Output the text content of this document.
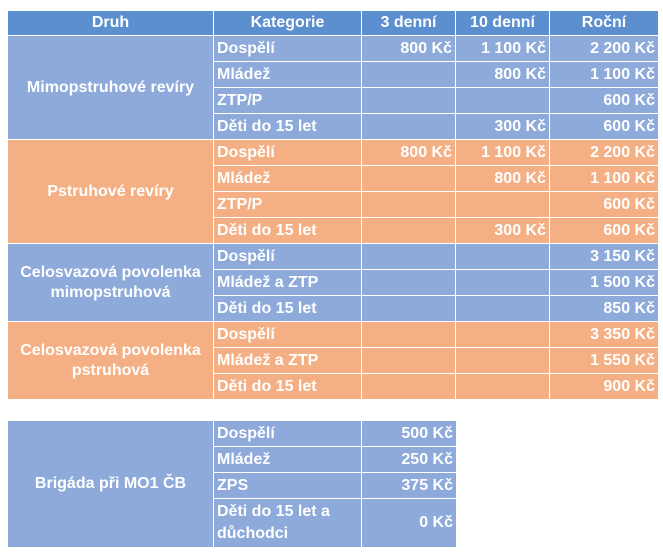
Druh	Kategorie	3 denní	10 denní	Roční
Mimopstruhové revíry	Dospělí	800 Kč	1 100 Kč	2 200 Kč
	Mládež		800 Kč	1 100 Kč
	ZTP/P			600 Kč
	Děti do 15 let		300 Kč	600 Kč
Pstruhové revíry	Dospělí	800 Kč	1 100 Kč	2 200 Kč
	Mládež		800 Kč	1 100 Kč
	ZTP/P			600 Kč
	Děti do 15 let		300 Kč	600 Kč
Celosvazová povolenka mimopstruhová	Dospělí			3 150 Kč
	Mládež a ZTP			1 500 Kč
	Děti do 15 let			850 Kč
Celosvazová povolenka pstruhová	Dospělí			3 350 Kč
	Mládež a ZTP			1 550 Kč
	Děti do 15 let			900 Kč
Brigáda při MO1 ČB	Dospělí	500 Kč
	Mládež	250 Kč
	ZPS	375 Kč
	Děti do 15 let a důchodci	0 Kč
